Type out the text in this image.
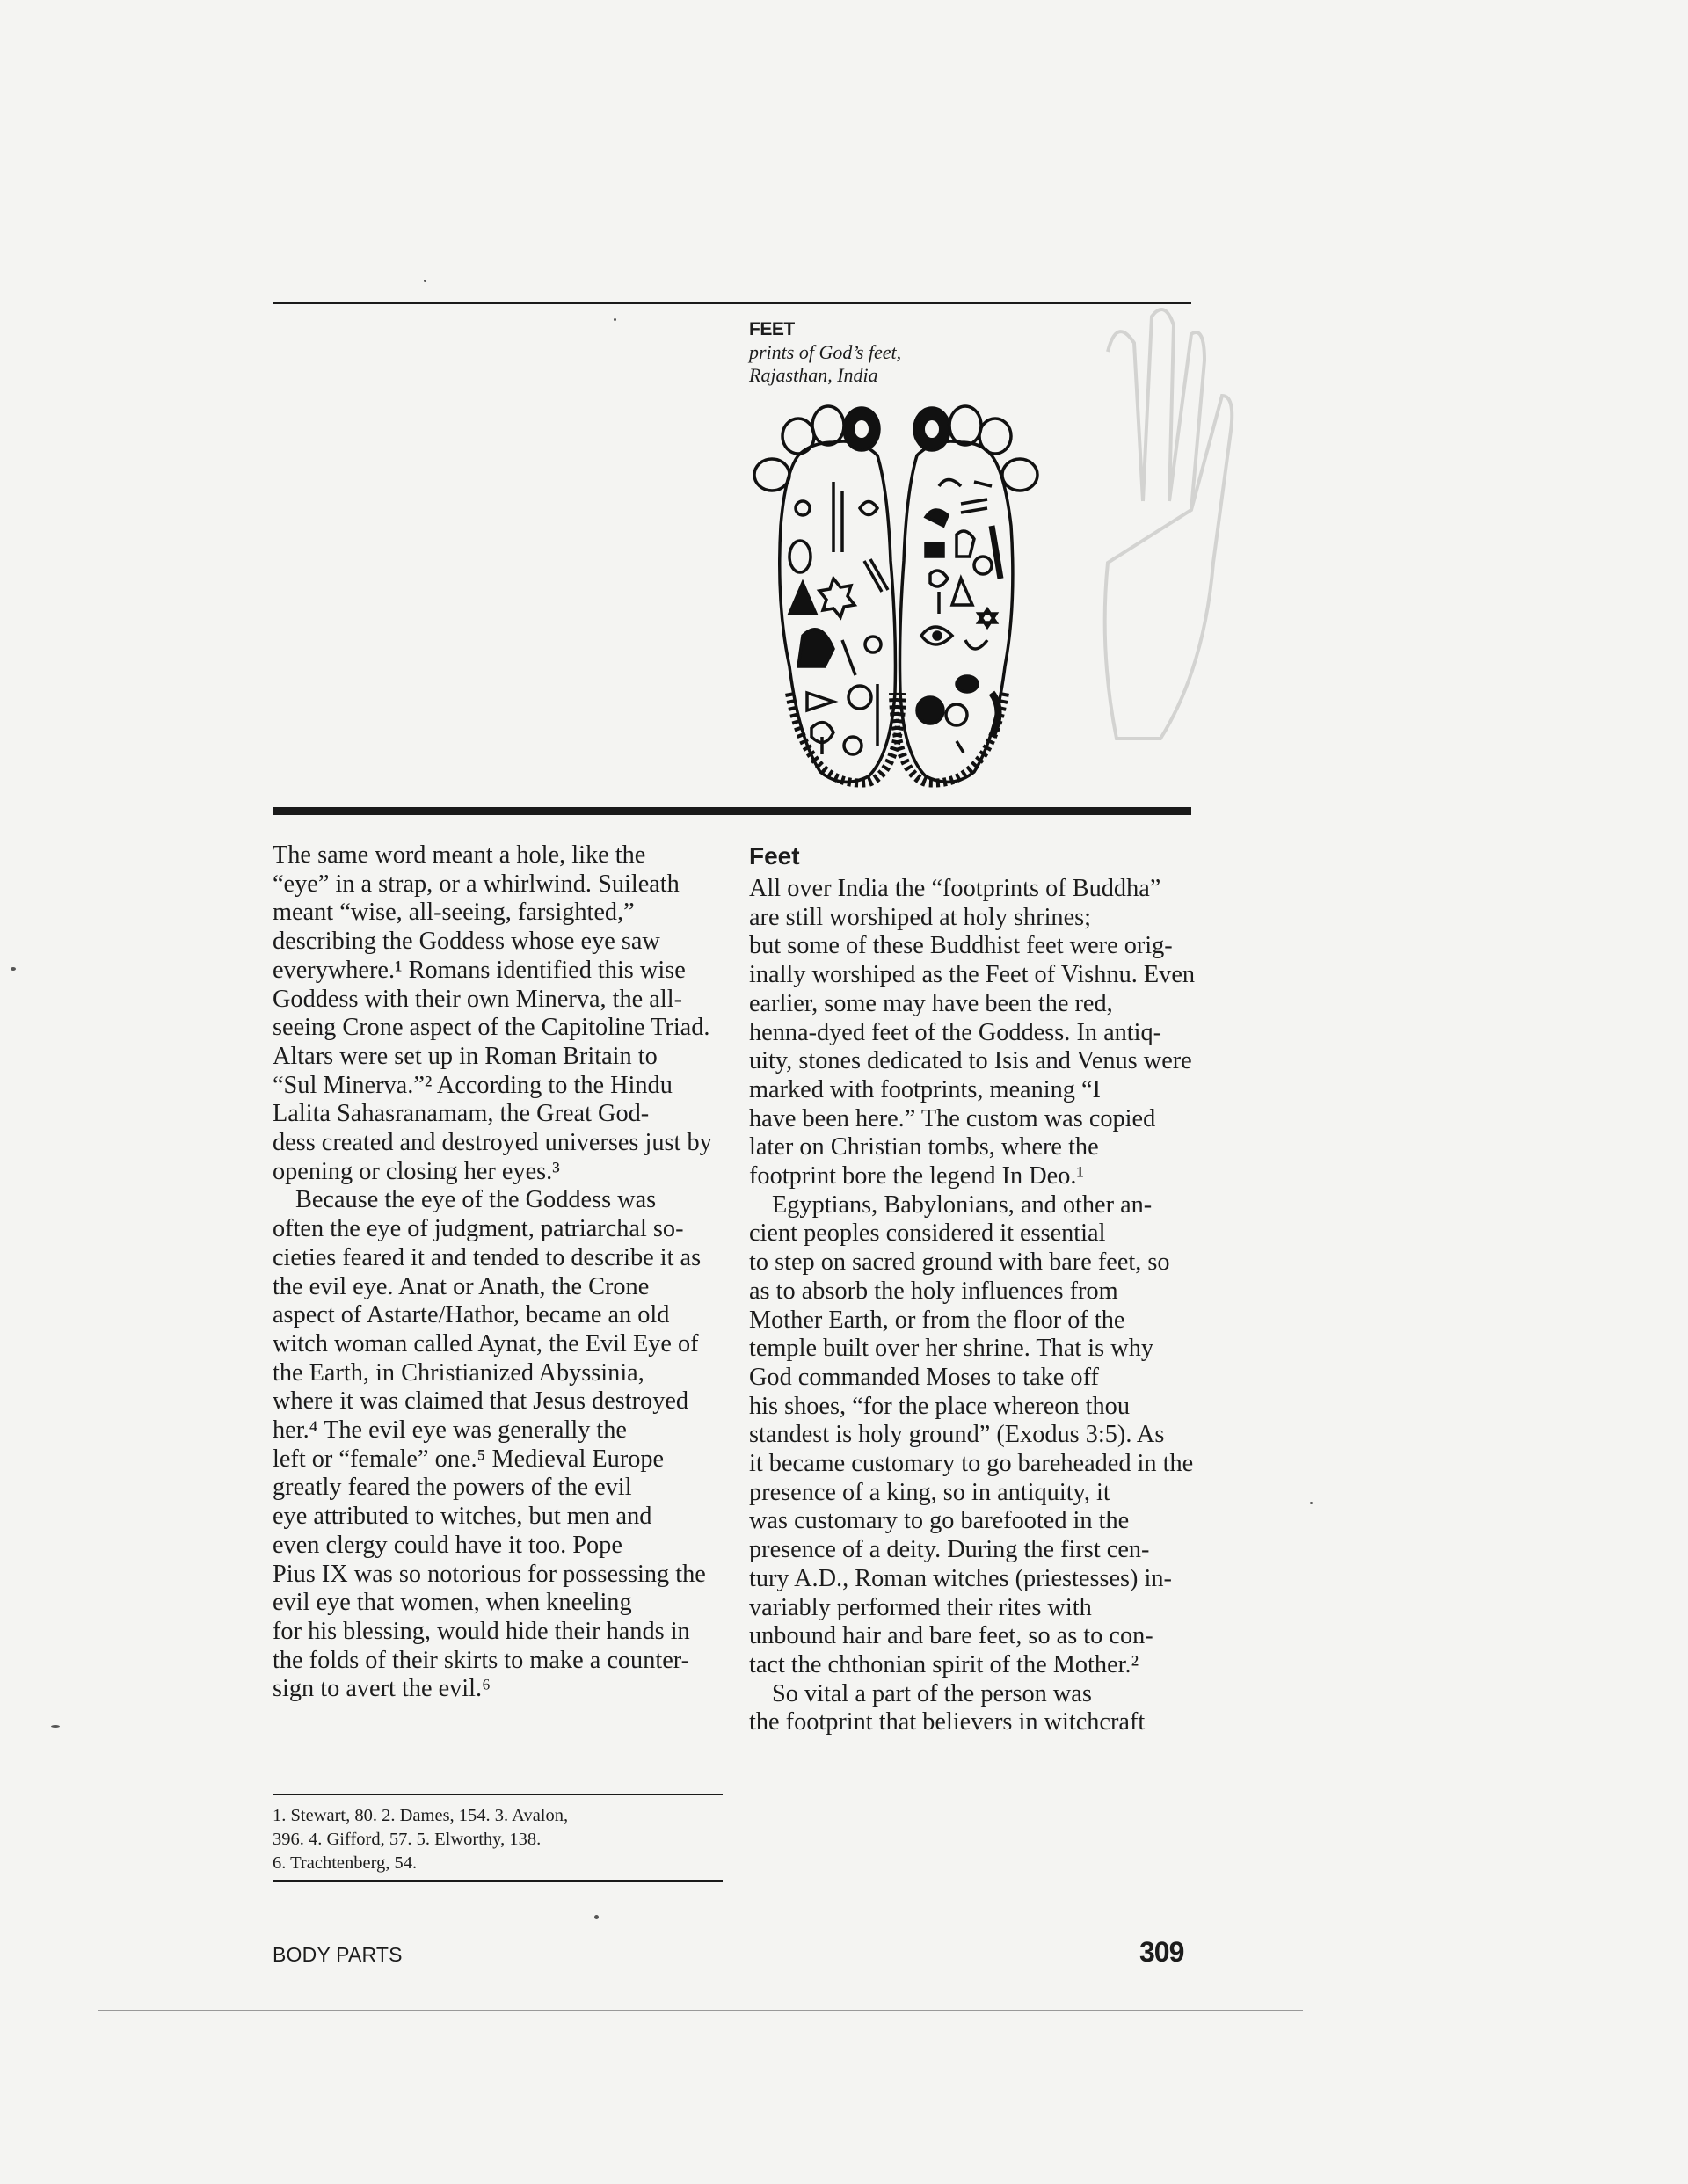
FEET
prints of God’s feet,
Rajasthan, India

The same word meant a hole, like the

“eye” in a strap, or a whirlwind. Suileath

meant “wise, all-seeing, farsighted,”

describing the Goddess whose eye saw

everywhere.¹ Romans identified this wise

Goddess with their own Minerva, the all-

seeing Crone aspect of the Capitoline Triad.

Altars were set up in Roman Britain to

“Sul Minerva.”² According to the Hindu

Lalita Sahasranamam, the Great God-

dess created and destroyed universes just by

opening or closing her eyes.³

Because the eye of the Goddess was

often the eye of judgment, patriarchal so-

cieties feared it and tended to describe it as

the evil eye. Anat or Anath, the Crone

aspect of Astarte/Hathor, became an old

witch woman called Aynat, the Evil Eye of

the Earth, in Christianized Abyssinia,

where it was claimed that Jesus destroyed

her.⁴ The evil eye was generally the

left or “female” one.⁵ Medieval Europe

greatly feared the powers of the evil

eye attributed to witches, but men and

even clergy could have it too. Pope

Pius IX was so notorious for possessing the

evil eye that women, when kneeling

for his blessing, would hide their hands in

the folds of their skirts to make a counter-

sign to avert the evil.⁶

1. Stewart, 80. 2. Dames, 154. 3. Avalon,

396. 4. Gifford, 57. 5. Elworthy, 138.

6. Trachtenberg, 54.

Feet

All over India the “footprints of Buddha”

are still worshiped at holy shrines;

but some of these Buddhist feet were orig-

inally worshiped as the Feet of Vishnu. Even

earlier, some may have been the red,

henna-dyed feet of the Goddess. In antiq-

uity, stones dedicated to Isis and Venus were

marked with footprints, meaning “I

have been here.” The custom was copied

later on Christian tombs, where the

footprint bore the legend In Deo.¹

Egyptians, Babylonians, and other an-

cient peoples considered it essential

to step on sacred ground with bare feet, so

as to absorb the holy influences from

Mother Earth, or from the floor of the

temple built over her shrine. That is why

God commanded Moses to take off

his shoes, “for the place whereon thou

standest is holy ground” (Exodus 3:5). As

it became customary to go bareheaded in the

presence of a king, so in antiquity, it

was customary to go barefooted in the

presence of a deity. During the first cen-

tury A.D., Roman witches (priestesses) in-

variably performed their rites with

unbound hair and bare feet, so as to con-

tact the chthonian spirit of the Mother.²

So vital a part of the person was

the footprint that believers in witchcraft

BODY PARTS	309
